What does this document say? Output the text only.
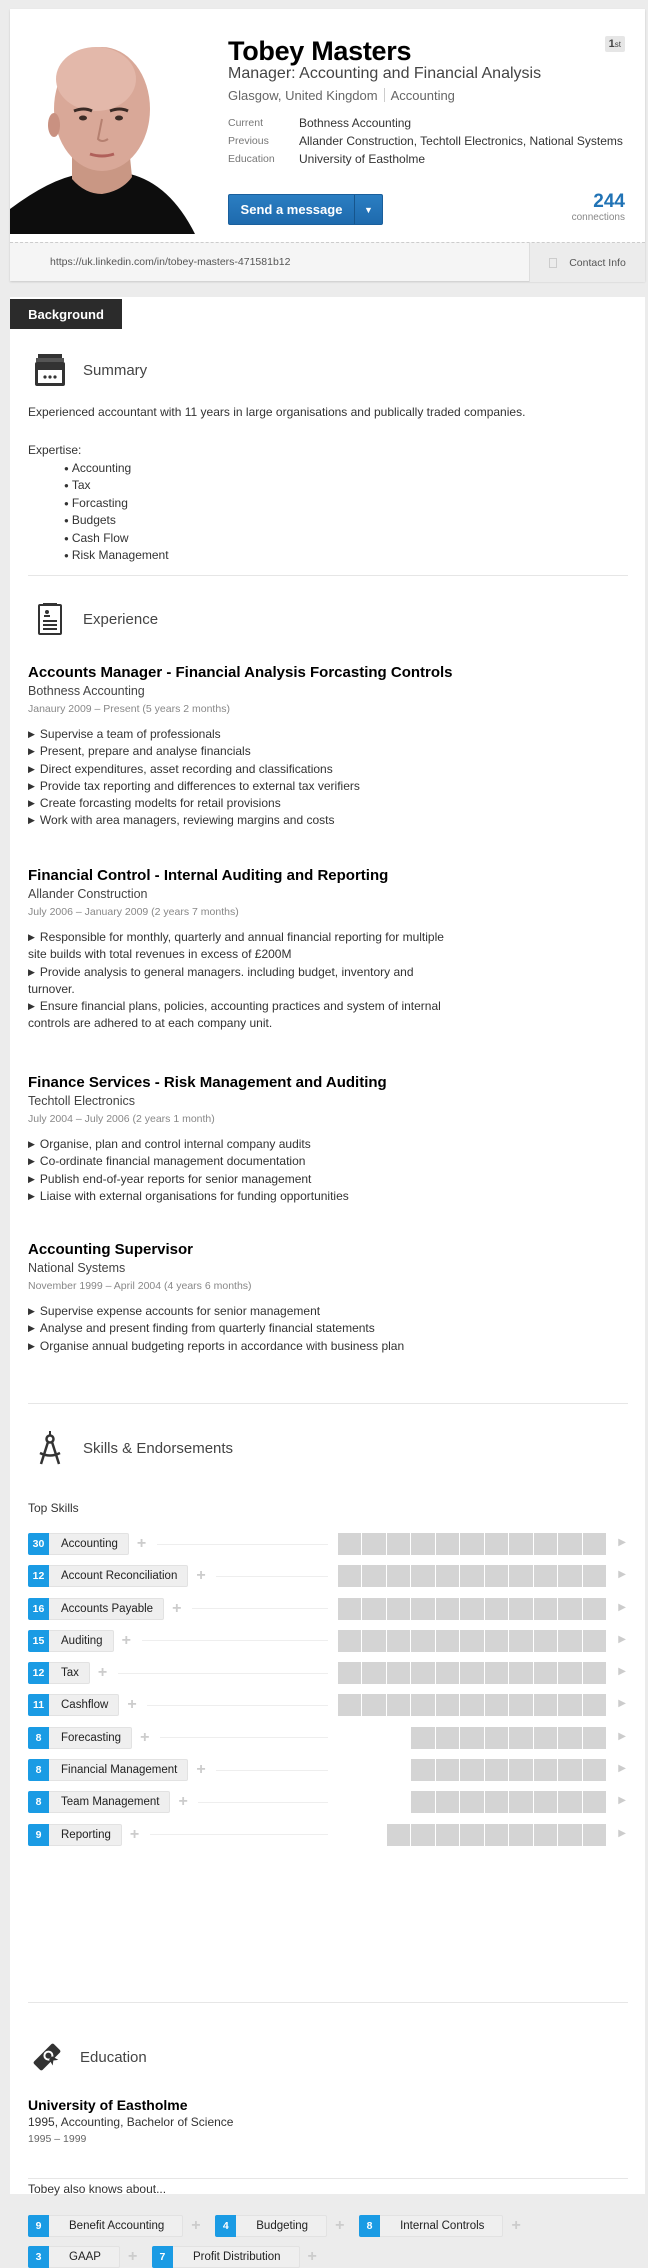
Tobey Masters
Manager: Accounting and Financial Analysis
Glasgow, United Kingdom Accounting
Current	Bothness Accounting
Previous	Allander Construction, Techtoll Electronics, National Systems
Education	University of Eastholme
1st
Send a message	▼	244
connections
https://uk.linkedin.com/in/tobey-masters-471581b12	Contact Info
Background
Summary
Experienced accountant with 11 years in large organisations and publically traded companies.
Expertise:
● Accounting
● Tax
● Forcasting
● Budgets
● Cash Flow
● Risk Management
Experience
Accounts Manager - Financial Analysis Forcasting Controls
Bothness Accounting
Janaury 2009 – Present (5 years 2 months)

▶ Supervise a team of professionals

▶ Present, prepare and analyse financials

▶ Direct expenditures, asset recording and classifications

▶ Provide tax reporting and differences to external tax verifiers

▶ Create forcasting modelts for retail provisions

▶ Work with area managers, reviewing margins and costs

Financial Control - Internal Auditing and Reporting
Allander Construction
July 2006 – January 2009 (2 years 7 months)

▶ Responsible for monthly, quarterly and annual financial reporting for multiple site builds with total revenues in excess of £200M

▶ Provide analysis to general managers. including budget, inventory and turnover.

▶ Ensure financial plans, policies, accounting practices and system of internal controls are adhered to at each company unit.

Finance Services - Risk Management and Auditing
Techtoll Electronics
July 2004 – July 2006 (2 years 1 month)

▶ Organise, plan and control internal company audits

▶ Co-ordinate financial management documentation

▶ Publish end-of-year reports for senior management

▶ Liaise with external organisations for funding opportunities

Accounting Supervisor
National Systems
November 1999 – April 2004 (4 years 6 months)

▶ Supervise expense accounts for senior management

▶ Analyse and present finding from quarterly financial statements

▶ Organise annual budgeting reports in accordance with business plan

Skills & Endorsements
Top Skills
30	Accounting	+	▶
12	Account Reconciliation	+	▶
16	Accounts Payable	+	▶
15	Auditing	+	▶
12	Tax	+	▶
11	Cashflow	+	▶
8	Forecasting	+	▶
8	Financial Management	+	▶
8	Team Management	+	▶
9	Reporting	+	▶
Tobey also knows about...
9	Benefit Accounting	+	4	Budgeting	+	8	Internal Controls	+
3	GAAP	+	7	Profit Distribution	+
Education
University of Eastholme
1995, Accounting, Bachelor of Science
1995 – 1999
